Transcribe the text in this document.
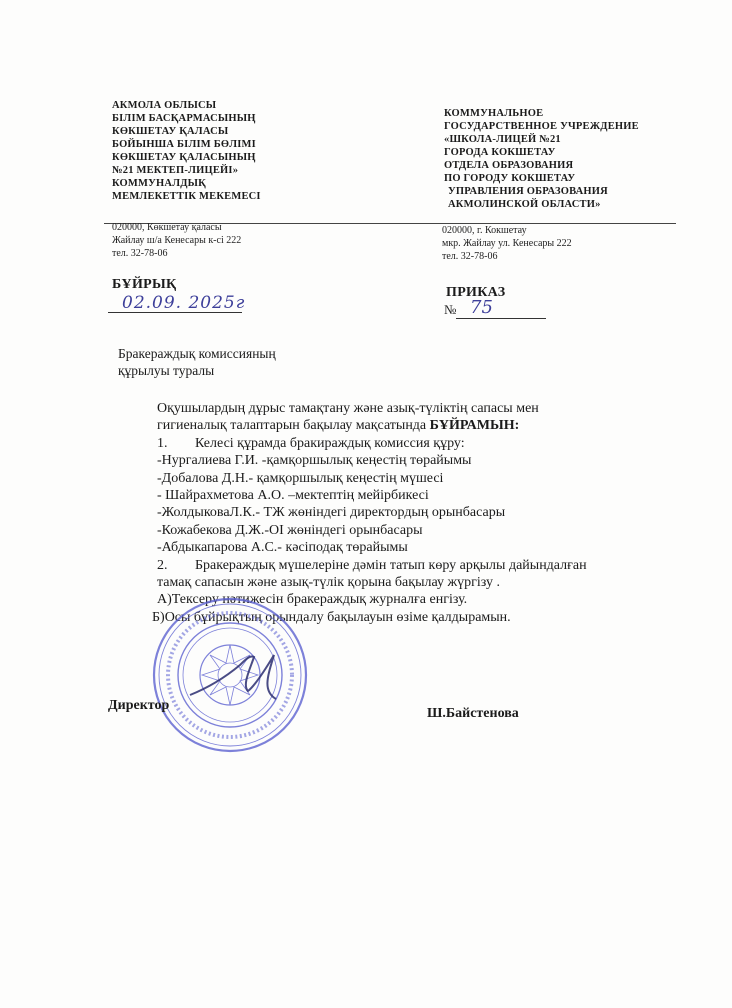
АКМОЛА ОБЛЫСЫ
БІЛІМ БАСҚАРМАСЫНЫҢ
КӨКШЕТАУ ҚАЛАСЫ
БОЙЫНША БІЛІМ БӨЛІМІ
КӨКШЕТАУ ҚАЛАСЫНЫҢ
№21 МЕКТЕП-ЛИЦЕЙІ»
КОММУНАЛДЫҚ
МЕМЛЕКЕТТІК МЕКЕМЕСІ
КОММУНАЛЬНОЕ
ГОСУДАРСТВЕННОЕ УЧРЕЖДЕНИЕ
«ШКОЛА-ЛИЦЕЙ №21
ГОРОДА КОКШЕТАУ
ОТДЕЛА ОБРАЗОВАНИЯ
ПО ГОРОДУ КОКШЕТАУ
УПРАВЛЕНИЯ ОБРАЗОВАНИЯ
АКМОЛИНСКОЙ ОБЛАСТИ»
020000, Көкшетау қаласы
Жайлау ш/а Кенесары к-сі 222
тел. 32-78-06
020000, г. Кокшетау
мкр. Жайлау ул. Кенесары 222
тел. 32-78-06
БҰЙРЫҚ
ПРИКАЗ
02.09. 2025г	№ 75
Бракераждық комиссияның
құрылуы туралы
Оқушылардың дұрыс тамақтану және азық-түліктің сапасы мен
гигиеналық талаптарын бақылау мақсатында БҰЙРАМЫН:
1. Келесі құрамда бракираждық комиссия құру:
-Нургалиева Г.И. -қамқоршылық кеңестің төрайымы
-Добалова Д.Н.- қамқоршылық кеңестің мүшесі
- Шайрахметова А.О. –мектептің мейірбикесі
-ЖолдыковаЛ.К.- ТЖ жөніндегі директордың орынбасары
-Кожабекова Д.Ж.-ОІ жөніндегі орынбасары
-Абдыкапарова А.С.- кәсіподақ төрайымы
2. Бракераждық мүшелеріне дәмін татып көру арқылы дайындалған
тамақ сапасын және азық-түлік қорына бақылау жүргізу .
А)Тексеру нәтижесін бракераждық журналға енгізу.
Б)Осы бұйрықтың орындалу бақылауын өзіме қалдырамын.
Директор
Ш.Байстенова
